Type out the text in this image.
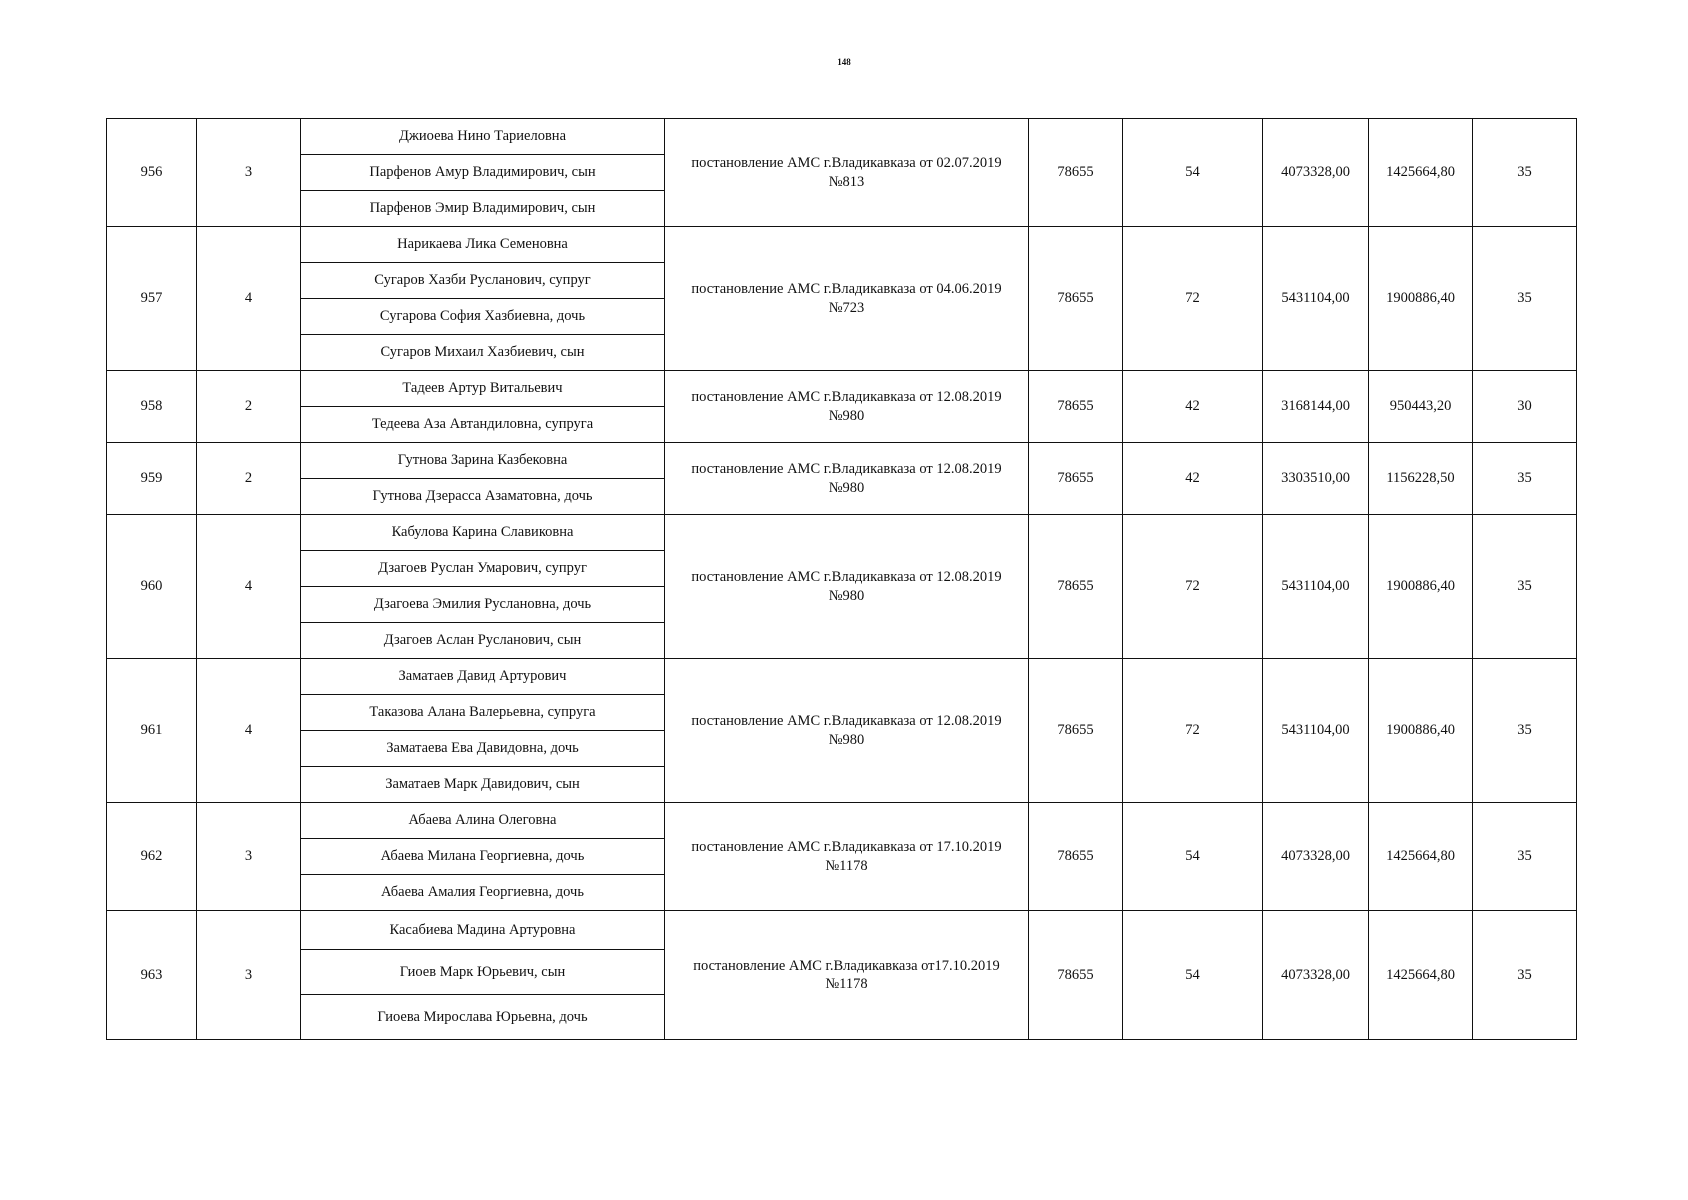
148
956	3	Джиоева Нино Тариеловна	постановление АМС г.Владикавказа от 02.07.2019 №813	78655	54	4073328,00	1425664,80	35
		Парфенов Амур Владимирович, сын						
		Парфенов Эмир Владимирович, сын						
957	4	Нарикаева Лика Семеновна	постановление АМС г.Владикавказа от 04.06.2019 №723	78655	72	5431104,00	1900886,40	35
		Сугаров Хазби Русланович, супруг						
		Сугарова София Хазбиевна, дочь						
		Сугаров Михаил Хазбиевич, сын						
958	2	Тадеев Артур Витальевич	постановление АМС г.Владикавказа от 12.08.2019 №980	78655	42	3168144,00	950443,20	30
		Тедеева Аза Автандиловна, супруга						
959	2	Гутнова Зарина Казбековна	постановление АМС г.Владикавказа от 12.08.2019 №980	78655	42	3303510,00	1156228,50	35
		Гутнова Дзерасса Азаматовна, дочь						
960	4	Кабулова Карина Славиковна	постановление АМС г.Владикавказа от 12.08.2019 №980	78655	72	5431104,00	1900886,40	35
		Дзагоев Руслан Умарович, супруг						
		Дзагоева Эмилия Руслановна, дочь						
		Дзагоев Аслан Русланович, сын						
961	4	Заматаев Давид Артурович	постановление АМС г.Владикавказа от 12.08.2019 №980	78655	72	5431104,00	1900886,40	35
		Таказова Алана Валерьевна, супруга						
		Заматаева Ева Давидовна, дочь						
		Заматаев Марк Давидович, сын						
962	3	Абаева Алина Олеговна	постановление АМС г.Владикавказа от 17.10.2019 №1178	78655	54	4073328,00	1425664,80	35
		Абаева Милана Георгиевна, дочь						
		Абаева Амалия Георгиевна, дочь						
963	3	Касабиева Мадина Артуровна	постановление АМС г.Владикавказа от17.10.2019 №1178	78655	54	4073328,00	1425664,80	35
		Гиоев Марк Юрьевич, сын						
		Гиоева Мирослава Юрьевна, дочь						
